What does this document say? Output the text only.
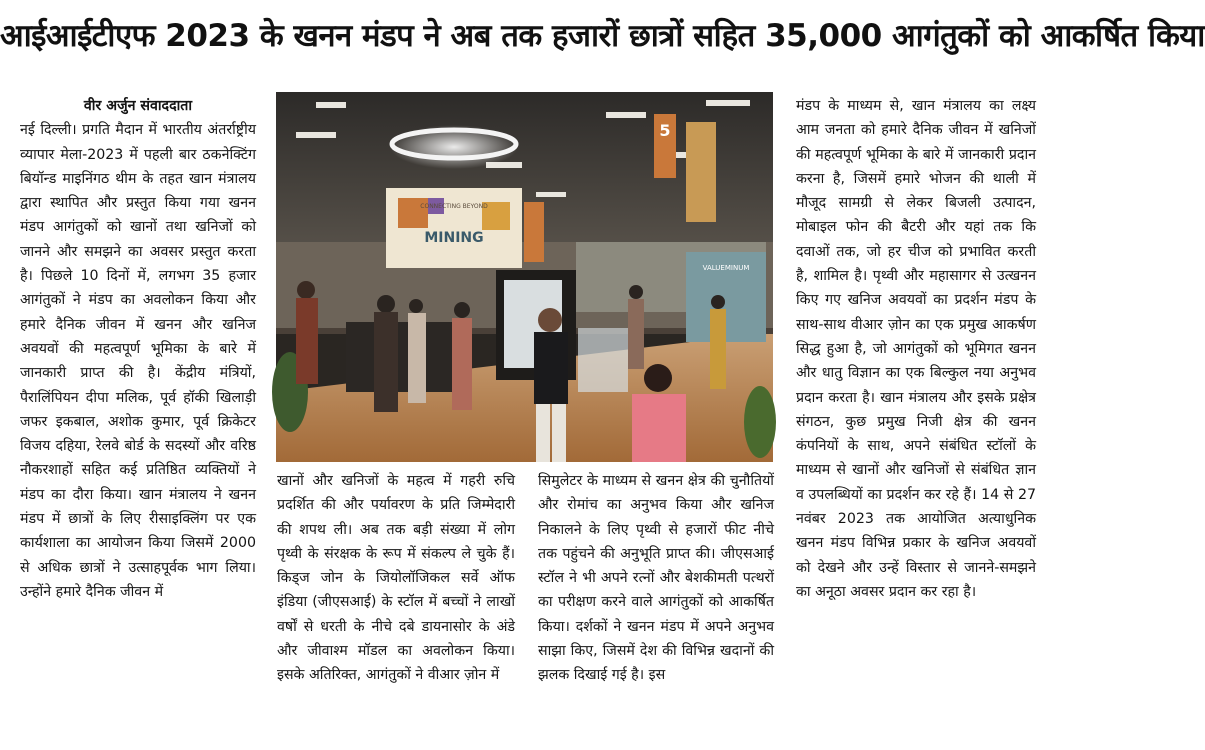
आईआईटीएफ 2023 के खनन मंडप ने अब तक हजारों छात्रों सहित 35,000 आगंतुकों को आकर्षित किया

वीर अर्जुन संवाददाता

नई दिल्ली। प्रगति मैदान में भारतीय अंतर्राष्ट्रीय व्यापार मेला-2023 में पहली बार ठकनेक्टिंग बियॉन्ड माइनिंगठ थीम के तहत खान मंत्रालय द्वारा स्थापित और प्रस्तुत किया गया खनन मंडप आगंतुकों को खानों तथा खनिजों को जानने और समझने का अवसर प्रस्तुत करता है। पिछले 10 दिनों में, लगभग 35 हजार आगंतुकों ने मंडप का अवलोकन किया और हमारे दैनिक जीवन में खनन और खनिज अवयवों की महत्वपूर्ण भूमिका के बारे में जानकारी प्राप्त की है। केंद्रीय मंत्रियों, पैरालिंपियन दीपा मलिक, पूर्व हॉकी खिलाड़ी जफर इकबाल, अशोक कुमार, पूर्व क्रिकेटर विजय दहिया, रेलवे बोर्ड के सदस्यों और वरिष्ठ नौकरशाहों सहित कई प्रतिष्ठित व्यक्तियों ने मंडप का दौरा किया। खान मंत्रालय ने खनन मंडप में छात्रों के लिए रीसाइक्लिंग पर एक कार्यशाला का आयोजन किया जिसमें 2000 से अधिक छात्रों ने उत्साहपूर्वक भाग लिया। उन्होंने हमारे दैनिक जीवन में

CONNECTING BEYOND
MINING
5
VALUEMINUM

खानों और खनिजों के महत्व में गहरी रुचि प्रदर्शित की और पर्यावरण के प्रति जिम्मेदारी की शपथ ली। अब तक बड़ी संख्या में लोग पृथ्वी के संरक्षक के रूप में संकल्प ले चुके हैं। किड्ज जोन के जियोलॉजिकल सर्वे ऑफ इंडिया (जीएसआई) के स्टॉल में बच्चों ने लाखों वर्षों से धरती के नीचे दबे डायनासोर के अंडे और जीवाश्म मॉडल का अवलोकन किया। इसके अतिरिक्त, आगंतुकों ने वीआर ज़ोन में

सिमुलेटर के माध्यम से खनन क्षेत्र की चुनौतियों और रोमांच का अनुभव किया और खनिज निकालने के लिए पृथ्वी से हजारों फीट नीचे तक पहुंचने की अनुभूति प्राप्त की। जीएसआई स्टॉल ने भी अपने रत्नों और बेशकीमती पत्थरों का परीक्षण करने वाले आगंतुकों को आकर्षित किया। दर्शकों ने खनन मंडप में अपने अनुभव साझा किए, जिसमें देश की विभिन्न खदानों की झलक दिखाई गई है। इस

मंडप के माध्यम से, खान मंत्रालय का लक्ष्य आम जनता को हमारे दैनिक जीवन में खनिजों की महत्वपूर्ण भूमिका के बारे में जानकारी प्रदान करना है, जिसमें हमारे भोजन की थाली में मौजूद सामग्री से लेकर बिजली उत्पादन, मोबाइल फोन की बैटरी और यहां तक कि दवाओं तक, जो हर चीज को प्रभावित करती है, शामिल है। पृथ्वी और महासागर से उत्खनन किए गए खनिज अवयवों का प्रदर्शन मंडप के साथ-साथ वीआर ज़ोन का एक प्रमुख आकर्षण सिद्ध हुआ है, जो आगंतुकों को भूमिगत खनन और धातु विज्ञान का एक बिल्कुल नया अनुभव प्रदान करता है। खान मंत्रालय और इसके प्रक्षेत्र संगठन, कुछ प्रमुख निजी क्षेत्र की खनन कंपनियों के साथ, अपने संबंधित स्टॉलों के माध्यम से खानों और खनिजों से संबंधित ज्ञान व उपलब्धियों का प्रदर्शन कर रहे हैं। 14 से 27 नवंबर 2023 तक आयोजित अत्याधुनिक खनन मंडप विभिन्न प्रकार के खनिज अवयवों को देखने और उन्हें विस्तार से जानने-समझने का अनूठा अवसर प्रदान कर रहा है।
